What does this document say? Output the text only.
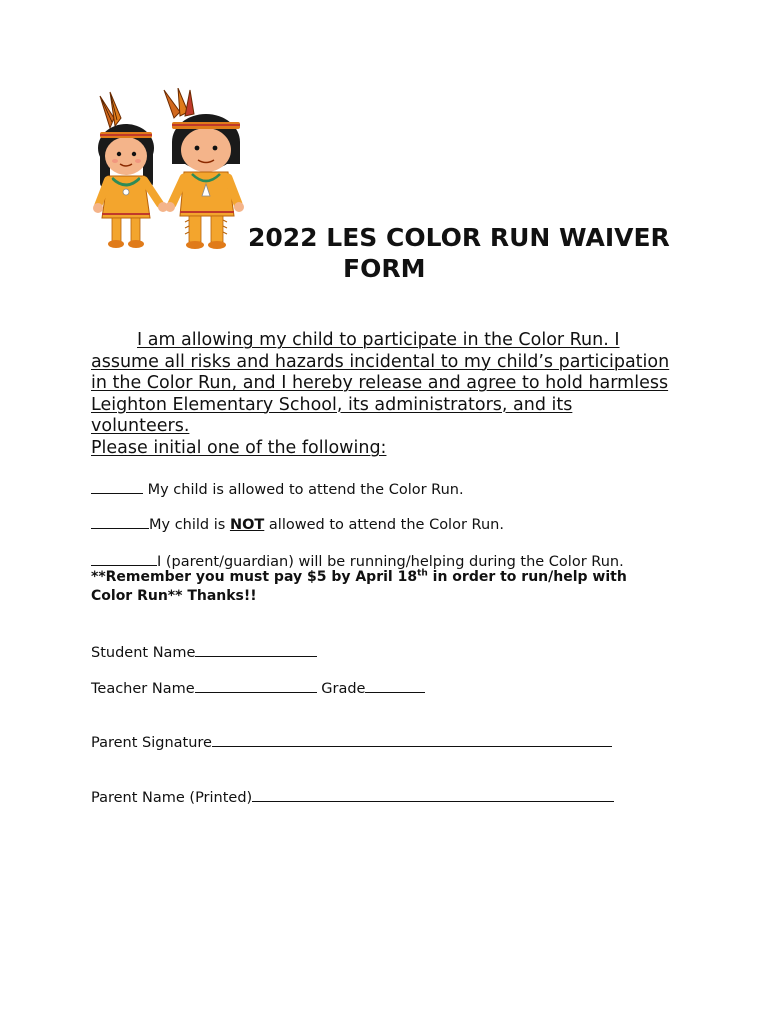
2022 LES COLOR RUN WAIVER
FORM
I am allowing my child to participate in the Color Run. I
assume all risks and hazards incidental to my child’s participation
in the Color Run, and I hereby release and agree to hold harmless
Leighton Elementary School, its administrators, and its
volunteers.
Please initial one of the following:
My child is allowed to attend the Color Run.
My child is NOT allowed to attend the Color Run.
I (parent/guardian) will be running/helping during the Color Run.
**Remember you must pay $5 by April 18th in order to run/help with
Color Run** Thanks!!
Student Name
Teacher Name	Grade
Parent Signature
Parent Name (Printed)
